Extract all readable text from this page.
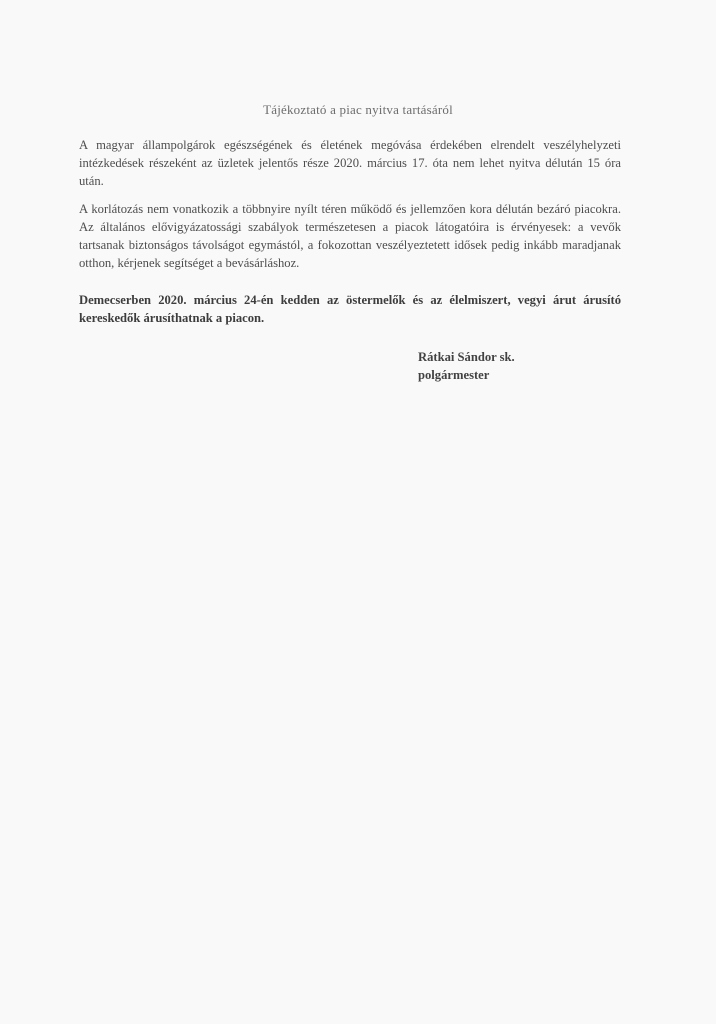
Tájékoztató a piac nyitva tartásáról

A magyar állampolgárok egészségének és életének megóvása érdekében elrendelt veszélyhelyzeti intézkedések részeként az üzletek jelentős része 2020. március 17. óta nem lehet nyitva délután 15 óra után.

A korlátozás nem vonatkozik a többnyire nyílt téren működő és jellemzően kora délután bezáró piacokra. Az általános elővigyázatossági szabályok természetesen a piacok látogatóira is érvényesek: a vevők tartsanak biztonságos távolságot egymástól, a fokozottan veszélyeztetett idősek pedig inkább maradjanak otthon, kérjenek segítséget a bevásárláshoz.

Demecserben 2020. március 24-én kedden az östermelők és az élelmiszert, vegyi árut árusító kereskedők árusíthatnak a piacon.

Rátkai Sándor sk.
polgármester
